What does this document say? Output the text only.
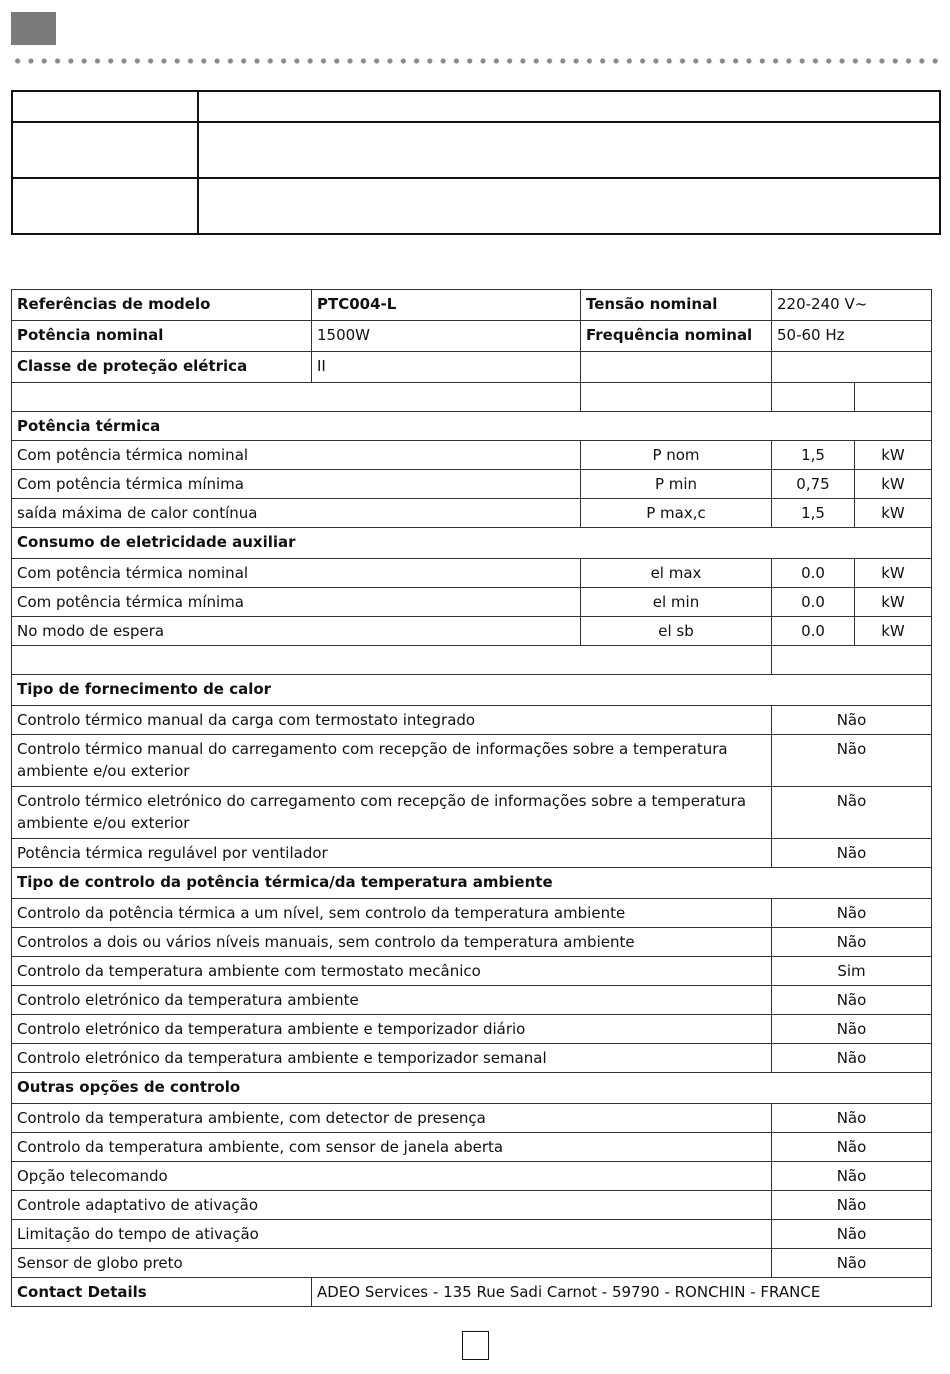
Referências de modelo	PTC004-L	Tensão nominal	220-240 V~	
Potência nominal	1500W	Frequência nominal	50-60 Hz	
Classe de proteção elétrica	II			

Potência térmica				
Com potência térmica nominal		P nom	1,5	kW
Com potência térmica mínima		P min	0,75	kW
saída máxima de calor contínua		P max,c	1,5	kW
Consumo de eletricidade auxiliar				
Com potência térmica nominal		el max	0.0	kW
Com potência térmica mínima		el min	0.0	kW
No modo de espera		el sb	0.0	kW

Tipo de fornecimento de calor				
Controlo térmico manual da carga com termostato integrado			Não	
Controlo térmico manual do carregamento com recepção de informações sobre a temperatura ambiente e/ou exterior			Não	
Controlo térmico eletrónico do carregamento com recepção de informações sobre a temperatura ambiente e/ou exterior			Não	
Potência térmica regulável por ventilador			Não	
Tipo de controlo da potência térmica/da temperatura ambiente				
Controlo da potência térmica a um nível, sem controlo da temperatura ambiente			Não	
Controlos a dois ou vários níveis manuais, sem controlo da temperatura ambiente			Não	
Controlo da temperatura ambiente com termostato mecânico			Sim	
Controlo eletrónico da temperatura ambiente			Não	
Controlo eletrónico da temperatura ambiente e temporizador diário			Não	
Controlo eletrónico da temperatura ambiente e temporizador semanal			Não	
Outras opções de controlo				
Controlo da temperatura ambiente, com detector de presença			Não	
Controlo da temperatura ambiente, com sensor de janela aberta			Não	
Opção telecomando			Não	
Controle adaptativo de ativação			Não	
Limitação do tempo de ativação			Não	
Sensor de globo preto			Não	
Contact Details	ADEO Services - 135 Rue Sadi Carnot - 59790 - RONCHIN - FRANCE			
